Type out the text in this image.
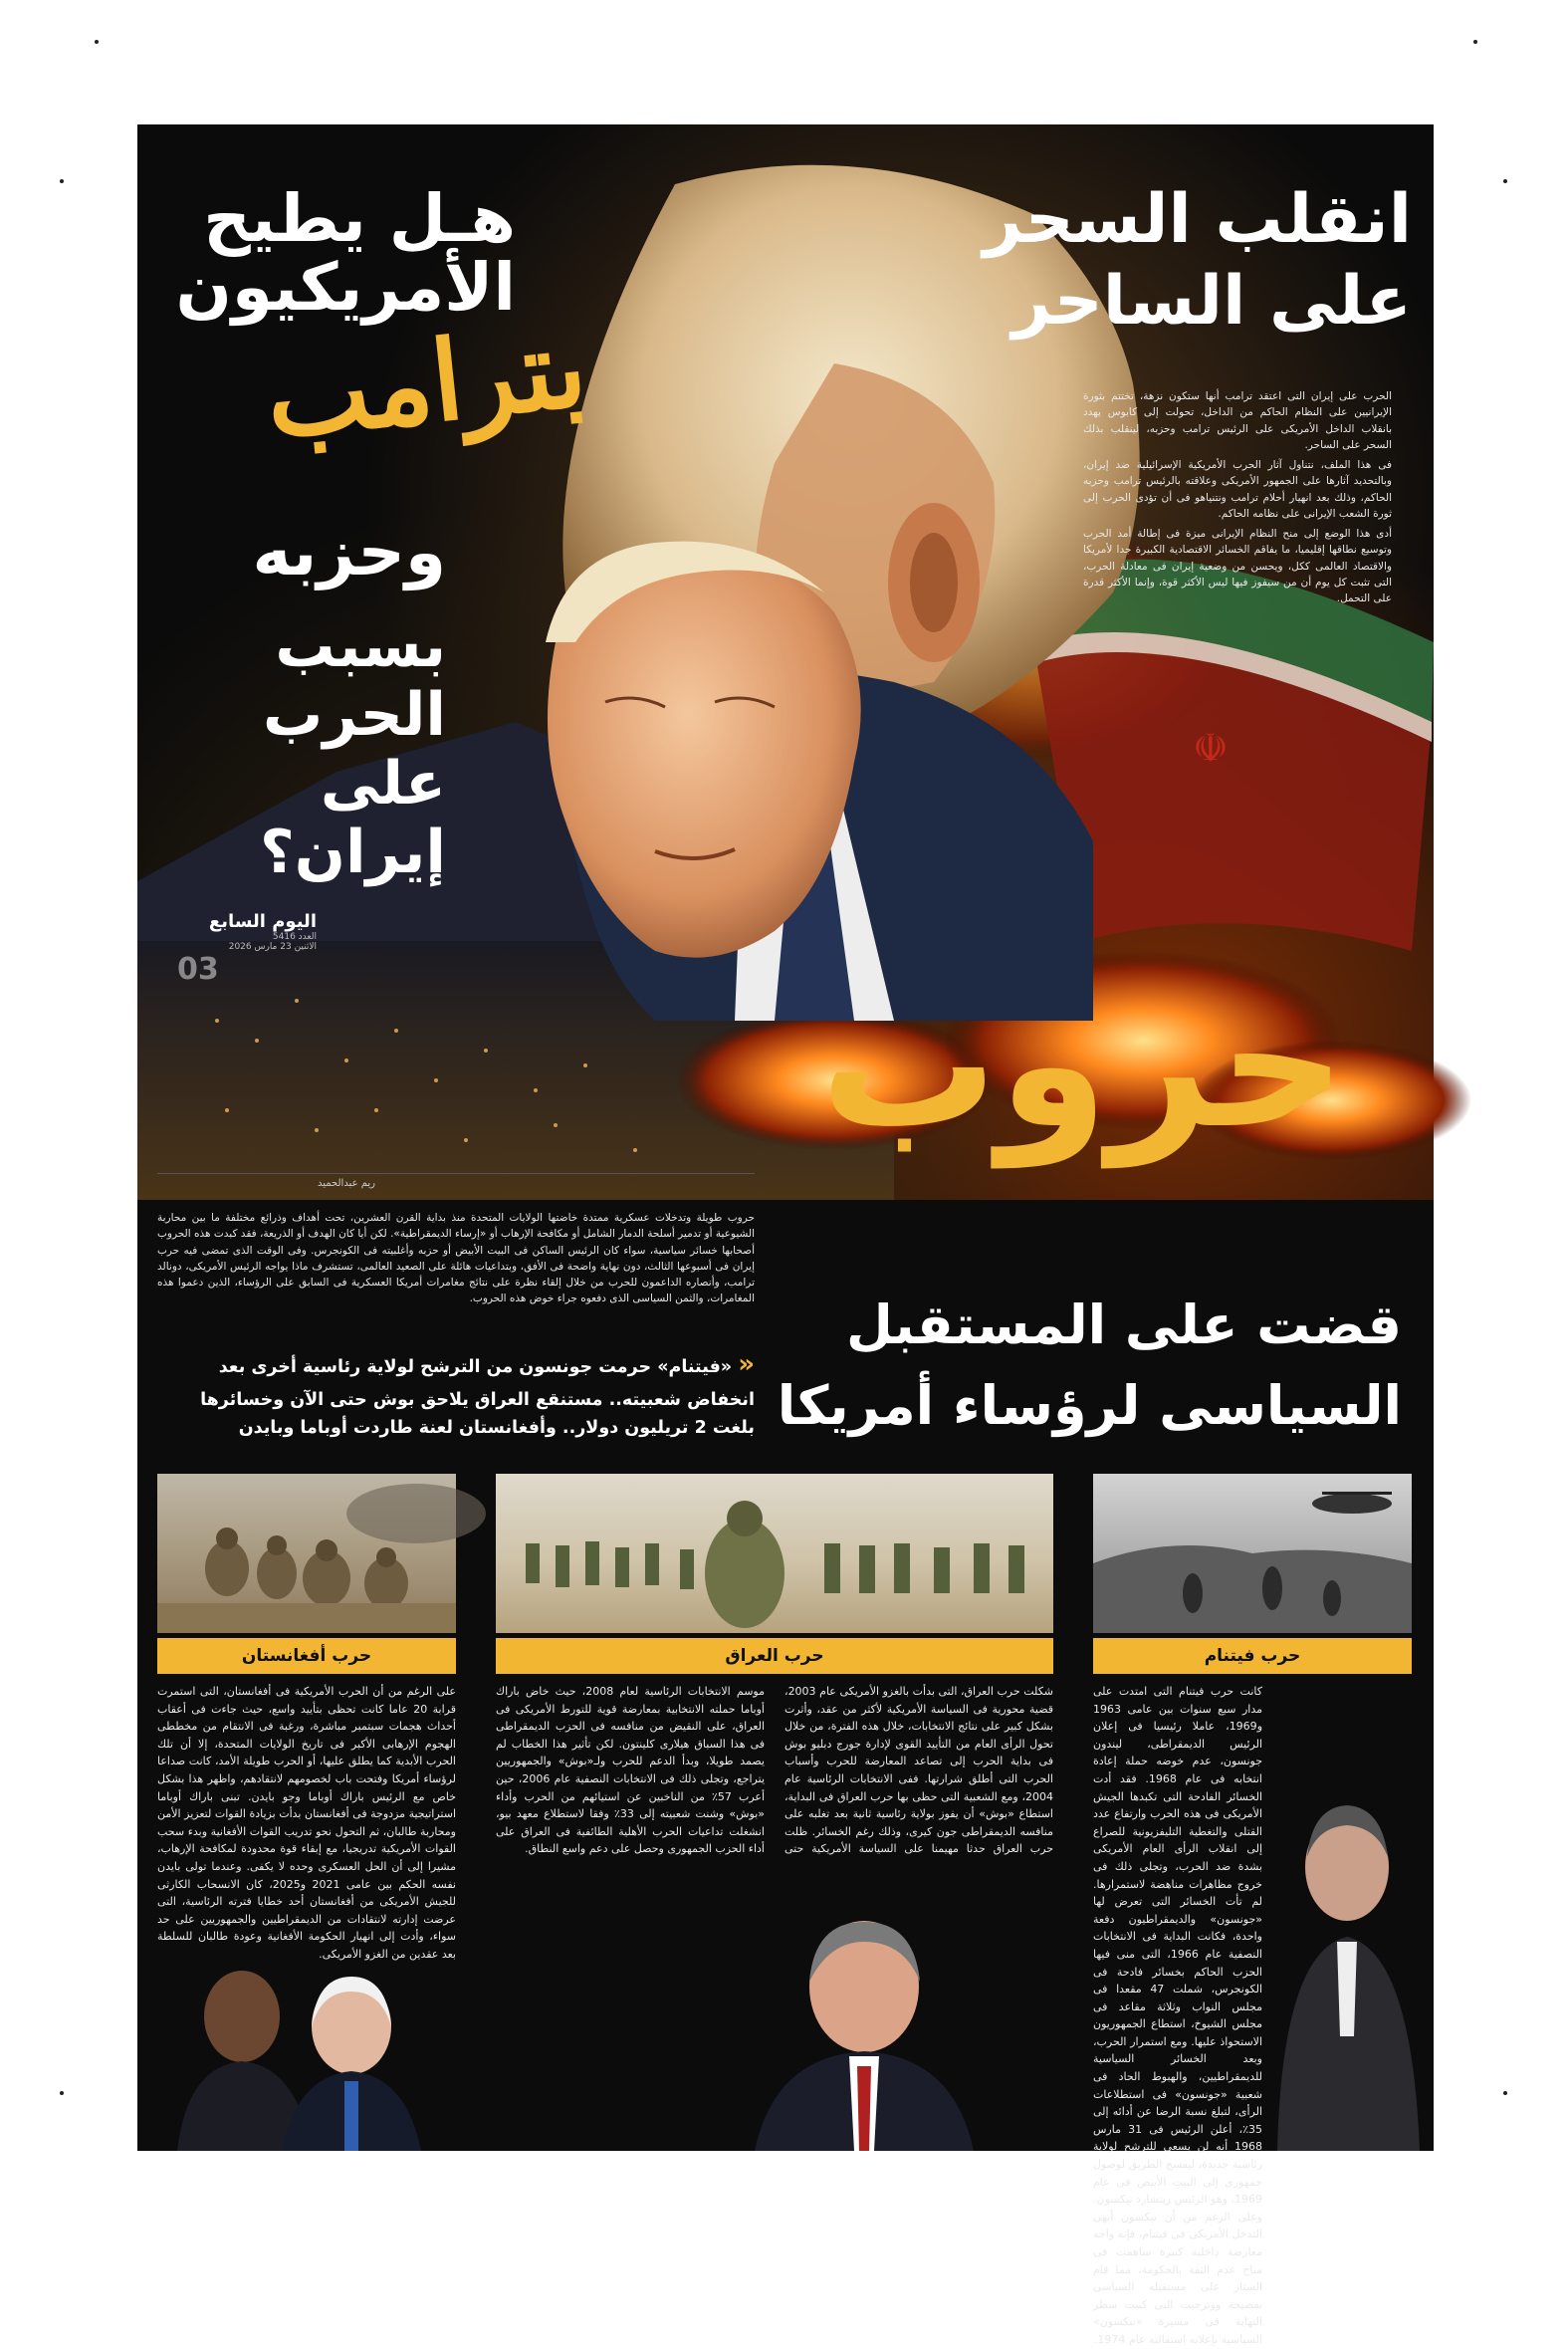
☫
هـل يطيح
الأمريكيون
بترامب
وحزبه
بسبب الحرب
على إيران؟
انقلب السحر
على الساحر

الحرب على إيران التى اعتقد ترامب أنها ستكون نزهة، تختتم بثورة الإيرانيين على النظام الحاكم من الداخل، تحولت إلى كابوس يهدد بانقلاب الداخل الأمريكى على الرئيس ترامب وحزبه، لينقلب بذلك السحر على الساحر.

فى هذا الملف، نتناول آثار الحرب الأمريكية الإسرائيلية ضد إيران، وبالتحديد آثارها على الجمهور الأمريكى وعلاقته بالرئيس ترامب وحزبه الحاكم، وذلك بعد انهيار أحلام ترامب ونتنياهو فى أن تؤدى الحرب إلى ثورة الشعب الإيرانى على نظامه الحاكم.

أدى هذا الوضع إلى منح النظام الإيرانى ميزة فى إطالة أمد الحرب وتوسيع نطاقها إقليميا، ما يفاقم الخسائر الاقتصادية الكبيرة جدا لأمريكا والاقتصاد العالمى ككل، ويحسن من وضعية إيران فى معادلة الحرب، التى تثبت كل يوم أن من سيفوز فيها ليس الأكثر قوة، وإنما الأكثر قدرة على التحمل.

اليوم السابع
العدد 5416
الاثنين 23 مارس 2026
03	حروب
ريم عبدالحميد
حروب طويلة وتدخلات عسكرية ممتدة خاضتها الولايات المتحدة منذ بداية القرن العشرين، تحت أهداف وذرائع مختلفة ما بين محاربة الشيوعية أو تدمير أسلحة الدمار الشامل أو مكافحة الإرهاب أو «إرساء الديمقراطية». لكن أيا كان الهدف أو الذريعة، فقد كبدت هذه الحروب أصحابها خسائر سياسية، سواء كان الرئيس الساكن فى البيت الأبيض أو حزبه وأغلبيته فى الكونجرس. وفى الوقت الذى تمضى فيه حرب إيران فى أسبوعها الثالث، دون نهاية واضحة فى الأفق، وبتداعيات هائلة على الصعيد العالمى، تستشرف ماذا يواجه الرئيس الأمريكى، دونالد ترامب، وأنصاره الداعمون للحرب من خلال إلقاء نظرة على نتائج مغامرات أمريكا العسكرية فى السابق على الرؤساء، الذين دعموا هذه المغامرات، والثمن السياسى الذى دفعوه جراء خوض هذه الحروب.
« «فيتنام» حرمت جونسون من الترشح لولاية رئاسية أخرى بعد انخفاض شعبيته.. مستنقع العراق يلاحق بوش حتى الآن وخسائرها بلغت 2 تريليون دولار.. وأفغانستان لعنة طاردت أوباما وبايدن
قضت على المستقبل
السياسى لرؤساء أمريكا
حرب أفغانستان	حرب العراق	حرب فيتنام
على الرغم من أن الحرب الأمريكية فى أفغانستان، التى استمرت قرابة 20 عاما كانت تحظى بتأييد واسع، حيث جاءت فى أعقاب أحداث هجمات سبتمبر مباشرة، ورغبة فى الانتقام من مخططى الهجوم الإرهابى الأكبر فى تاريخ الولايات المتحدة، إلا أن تلك الحرب الأبدية كما يطلق عليها، أو الحرب طويلة الأمد، كانت صداعا لرؤساء أمريكا وفتحت باب لخصومهم لانتقادهم، واظهر هذا بشكل خاص مع الرئيس باراك أوباما وجو بايدن. تبنى باراك أوباما استراتيجية مزدوجة فى أفغانستان بدأت بزيادة القوات لتعزيز الأمن ومحاربة طالبان، ثم التحول نحو تدريب القوات الأفغانية وبدء سحب القوات الأمريكية تدريجيا، مع إبقاء قوة محدودة لمكافحة الإرهاب، مشيرا إلى أن الحل العسكرى وحده لا يكفى. وعندما تولى بايدن نفسه الحكم بين عامى 2021 و2025، كان الانسحاب الكارثى للجيش الأمريكى من أفغانستان أحد خطايا فترته الرئاسية، التى عرضت إدارته لانتقادات من الديمقراطيين والجمهوريين على حد سواء، وأدت إلى انهيار الحكومة الأفغانية وعودة طالبان للسلطة بعد عقدين من الغزو الأمريكى.
شكلت حرب العراق، التى بدأت بالغزو الأمريكى عام 2003، قضية محورية فى السياسة الأمريكية لأكثر من عقد، وأثرت بشكل كبير على نتائج الانتخابات، خلال هذه الفترة، من خلال تحول الرأى العام من التأييد القوى لإدارة جورج دبليو بوش فى بداية الحرب إلى تصاعد المعارضة للحرب وأسباب الحرب التى أطلق شرارتها. ففى الانتخابات الرئاسية عام 2004، ومع الشعبية التى حظى بها حرب العراق فى البداية، استطاع «بوش» أن يفوز بولاية رئاسية ثانية بعد تغلبه على منافسه الديمقراطى جون كيرى، وذلك رغم الخسائر. ظلت حرب العراق حدثا مهيمنا على السياسة الأمريكية حتى موسم الانتخابات الرئاسية لعام 2008، حيث خاض باراك أوباما حملته الانتخابية بمعارضة قوية للتورط الأمريكى فى العراق، على النقيض من منافسه فى الحزب الديمقراطى فى هذا السباق هيلارى كلينتون. لكن تأثير هذا الخطاب لم يصمد طويلا، وبدأ الدعم للحرب ولـ«بوش» والجمهوريين يتراجع، وتجلى ذلك فى الانتخابات النصفية عام 2006، حين أعرب 57٪ من الناخبين عن استيائهم من الحرب وأداء «بوش» وشنت شعبيته إلى 33٪ وفقا لاستطلاع معهد بيو، انشغلت تداعيات الحرب الأهلية الطائفية فى العراق على أداء الحزب الجمهورى وحصل على دعم واسع النطاق.
كانت حرب فيتنام التى امتدت على مدار سبع سنوات بين عامى 1963 و1969، عاملا رئيسيا فى إعلان الرئيس الديمقراطى، ليندون جونسون، عدم خوضه حملة إعادة انتخابه فى عام 1968. فقد أدت الخسائر الفادحة التى تكبدها الجيش الأمريكى فى هذه الحرب وارتفاع عدد القتلى والتغطية التليفزيونية للصراع إلى انقلاب الرأى العام الأمريكى بشدة ضد الحرب، وتجلى ذلك فى خروج مظاهرات مناهضة لاستمرارها. لم تأت الخسائر التى تعرض لها «جونسون» والديمقراطيون دفعة واحدة، فكانت البداية فى الانتخابات النصفية عام 1966، التى منى فيها الحزب الحاكم بخسائر فادحة فى الكونجرس، شملت 47 مقعدا فى مجلس النواب وثلاثة مقاعد فى مجلس الشيوخ، استطاع الجمهوريون الاستحواذ عليها. ومع استمرار الحرب، وبعد الخسائر السياسية للديمقراطيين، والهبوط الحاد فى شعبية «جونسون» فى استطلاعات الرأى، لتبلغ نسبة الرضا عن أدائه إلى 35٪، أعلن الرئيس فى 31 مارس 1968 أنه لن يسعى للترشح لولاية رئاسية جديدة، ليفسح الطريق لوصول جمهورى إلى البيت الأبيض فى عام 1969، وهو الرئيس ريتشارد نيكسون. وعلى الرغم من أن نيكسون أنهى التدخل الأمريكى فى فيتنام، فإنه واجه معارضة داخلية كبيرة ساهمت فى مناخ عدم الثقة بالحكومة، مما قام الستار على مستقبله السياسى بفضيحة ووترجيت التى كتبت سطر النهاية فى مسيرة «نيكسون» السياسية بإعلانه استقالته عام 1974.
